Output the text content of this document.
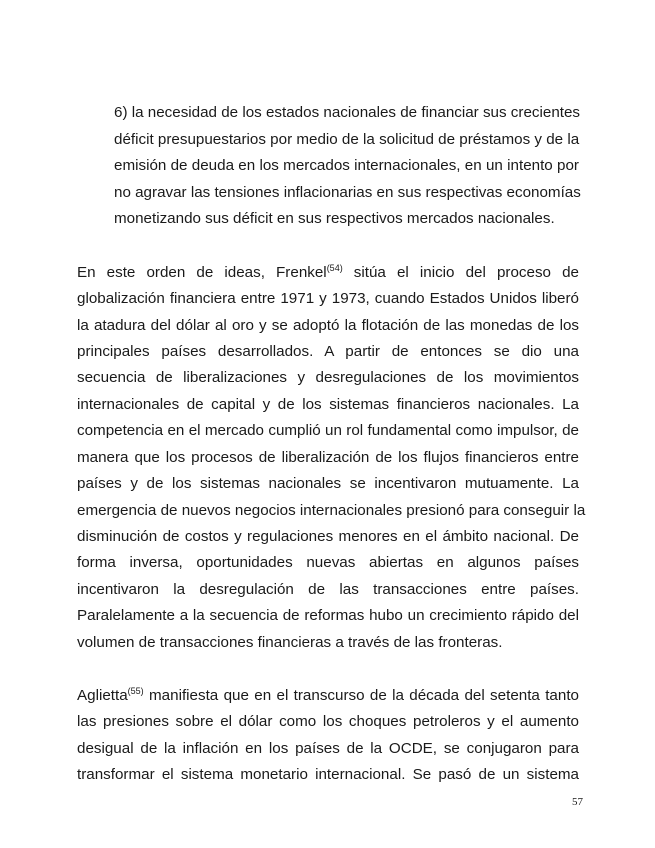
6) la necesidad de los estados nacionales de financiar sus crecientes
déficit presupuestarios por medio de la solicitud de préstamos y de la
emisión de deuda en los mercados internacionales, en un intento por
no agravar las tensiones inflacionarias en sus respectivas economías
monetizando sus déficit en sus respectivos mercados nacionales.
En este orden de ideas, Frenkel$^{(54)}$ sitúa el inicio del proceso de
globalización financiera entre 1971 y 1973, cuando Estados Unidos liberó
la atadura del dólar al oro y se adoptó la flotación de las monedas de los
principales países desarrollados. A partir de entonces se dio una
secuencia de liberalizaciones y desregulaciones de los movimientos
internacionales de capital y de los sistemas financieros nacionales. La
competencia en el mercado cumplió un rol fundamental como impulsor, de
manera que los procesos de liberalización de los flujos financieros entre
países y de los sistemas nacionales se incentivaron mutuamente. La
emergencia de nuevos negocios internacionales presionó para conseguir la
disminución de costos y regulaciones menores en el ámbito nacional. De
forma inversa, oportunidades nuevas abiertas en algunos países
incentivaron la desregulación de las transacciones entre países.
Paralelamente a la secuencia de reformas hubo un crecimiento rápido del
volumen de transacciones financieras a través de las fronteras.
Aglietta$^{(55)}$ manifiesta que en el transcurso de la década del setenta tanto
las presiones sobre el dólar como los choques petroleros y el aumento
desigual de la inflación en los países de la OCDE, se conjugaron para
transformar el sistema monetario internacional. Se pasó de un sistema
57
